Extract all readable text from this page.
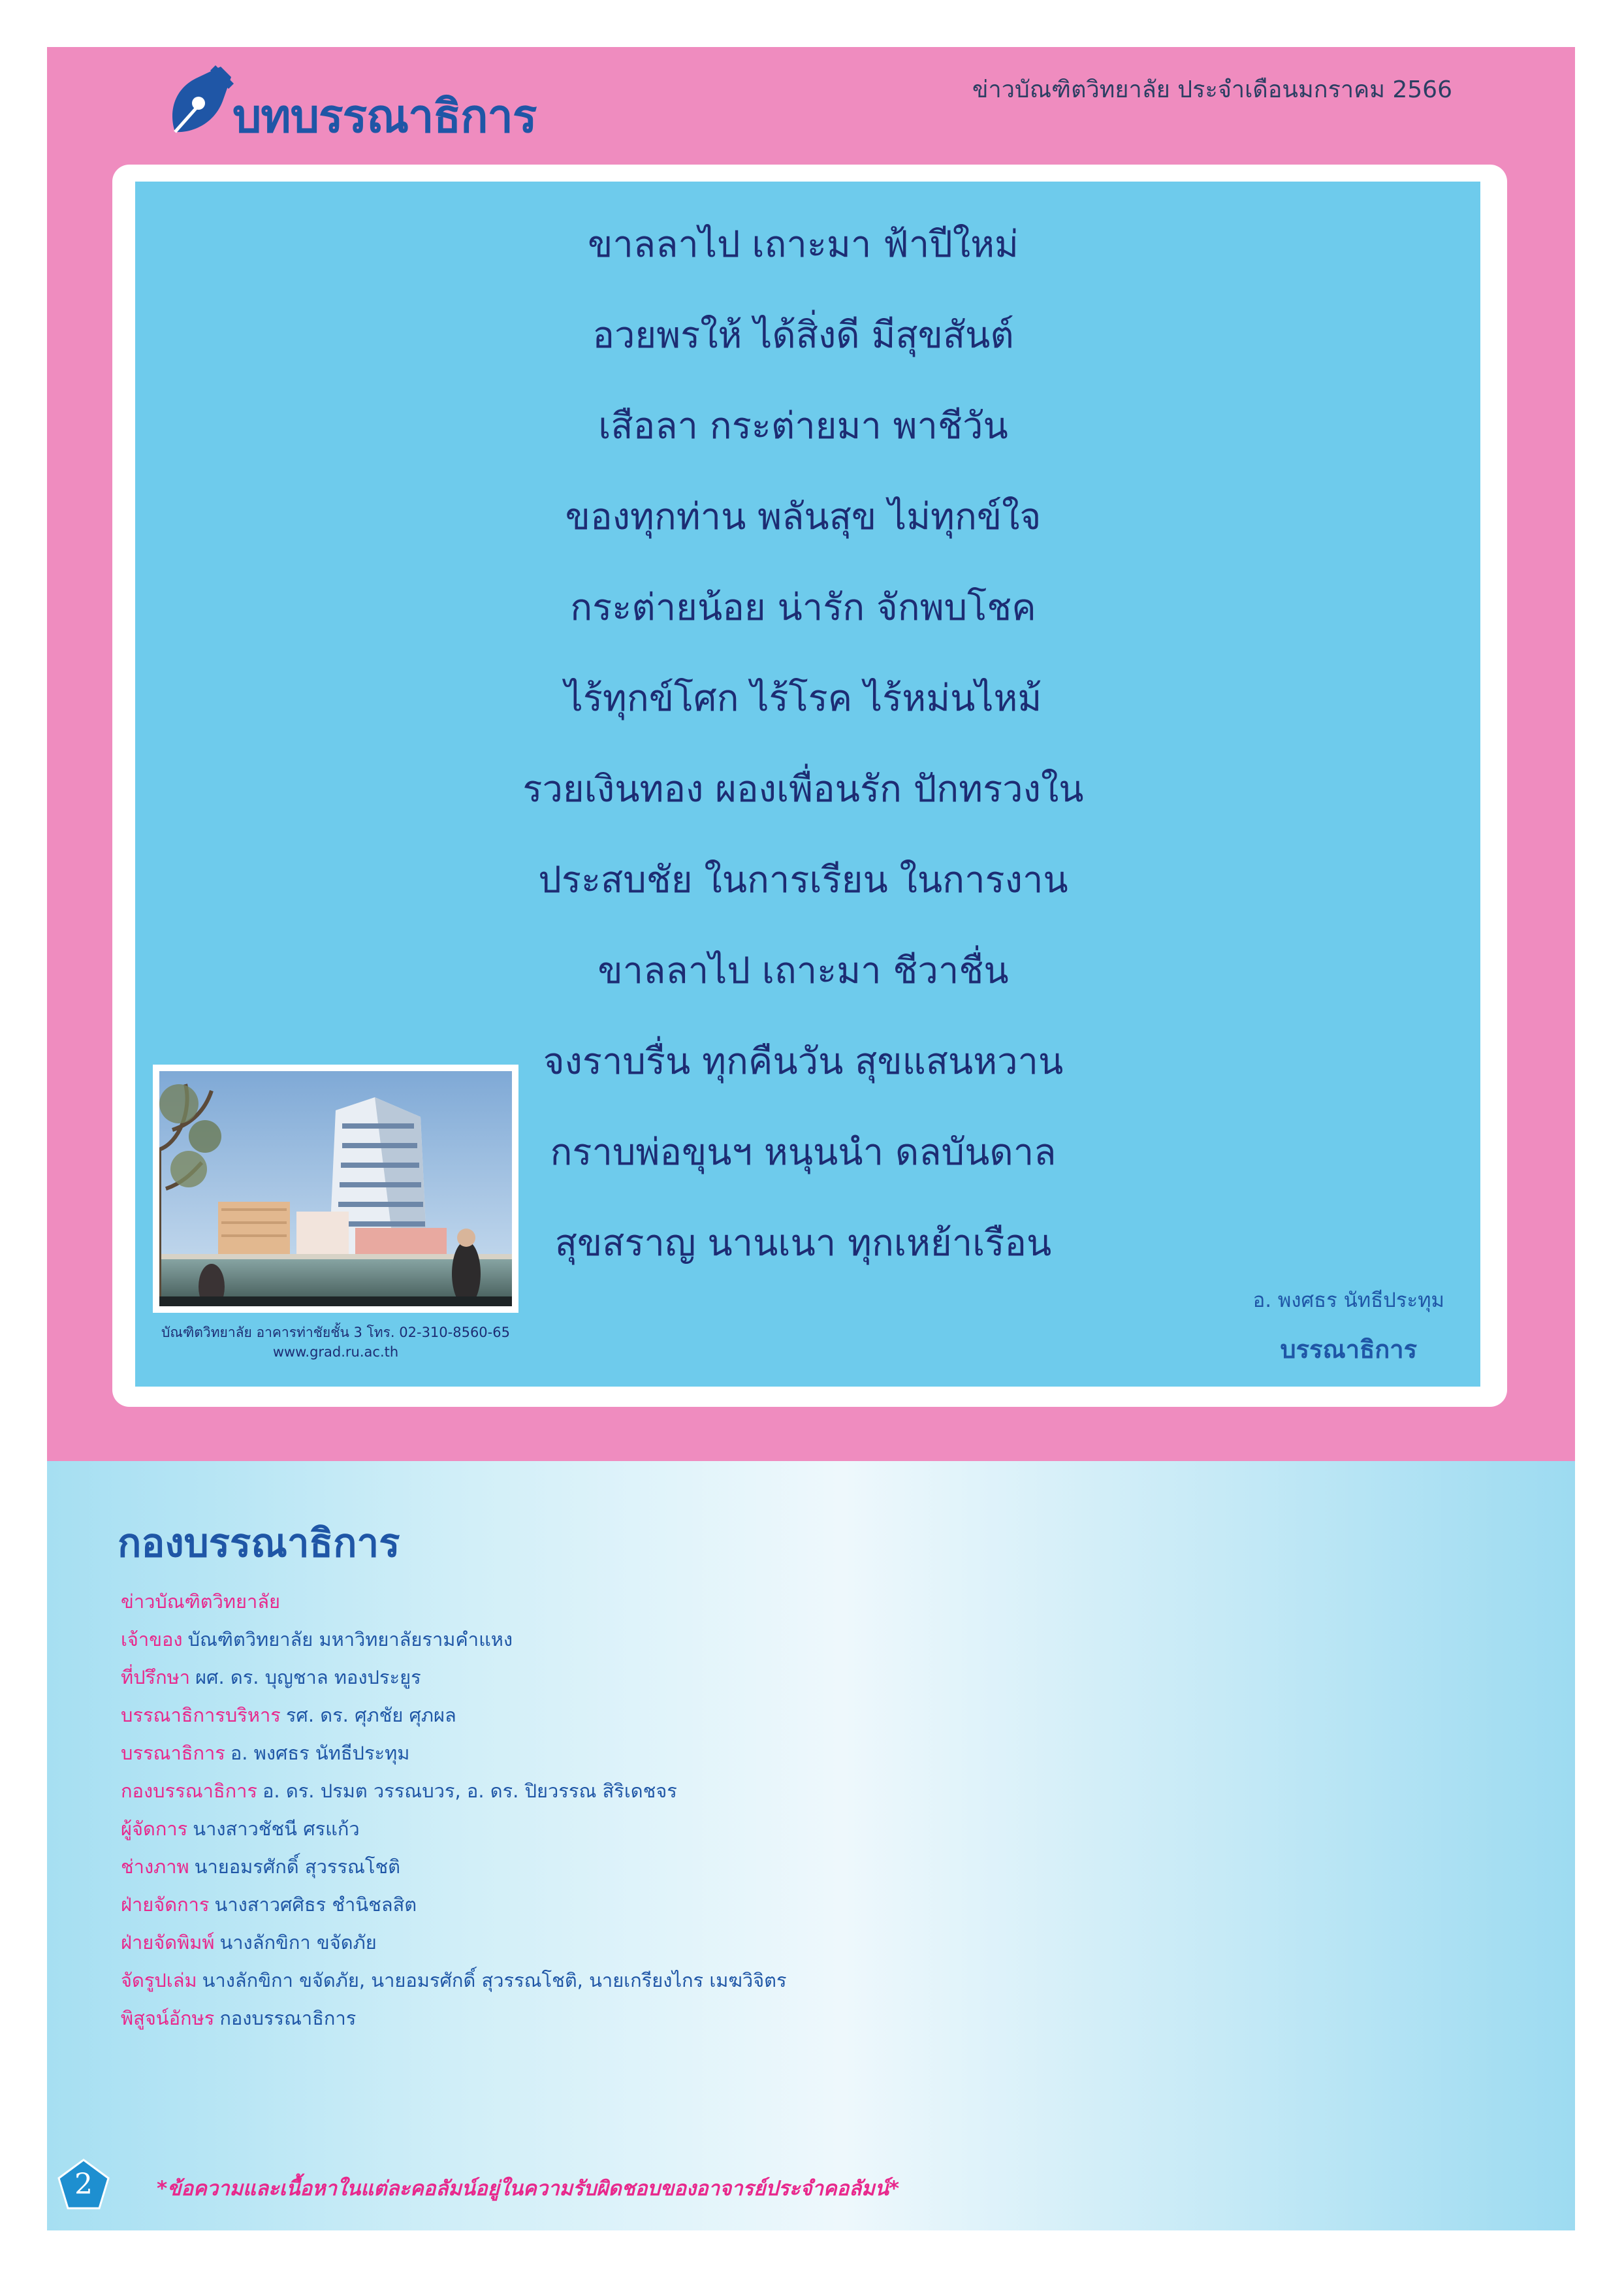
บทบรรณาธิการ	ข่าวบัณฑิตวิทยาลัย ประจำเดือนมกราคม 2566
ขาลลาไป เถาะมา ฟ้าปีใหม่
อวยพรให้ ได้สิ่งดี มีสุขสันต์
เสือลา กระต่ายมา พาชีวัน
ของทุกท่าน พลันสุข ไม่ทุกข์ใจ
กระต่ายน้อย น่ารัก จักพบโชค
ไร้ทุกข์โศก ไร้โรค ไร้หม่นไหม้
รวยเงินทอง ผองเพื่อนรัก ปักทรวงใน
ประสบชัย ในการเรียน ในการงาน
ขาลลาไป เถาะมา ชีวาชื่น
จงราบรื่น ทุกคืนวัน สุขแสนหวาน
กราบพ่อขุนฯ หนุนนำ ดลบันดาล
สุขสราญ นานเนา ทุกเหย้าเรือน
บัณฑิตวิทยาลัย อาคารท่าชัยชั้น 3 โทร. 02-310-8560-65
www.grad.ru.ac.th
อ. พงศธร นัทธีประทุม
บรรณาธิการ
กองบรรณาธิการ
ข่าวบัณฑิตวิทยาลัย
เจ้าของ บัณฑิตวิทยาลัย มหาวิทยาลัยรามคำแหง
ที่ปรึกษา ผศ. ดร. บุญชาล ทองประยูร
บรรณาธิการบริหาร รศ. ดร. ศุภชัย ศุภผล
บรรณาธิการ อ. พงศธร นัทธีประทุม
กองบรรณาธิการ อ. ดร. ปรมต วรรณบวร, อ. ดร. ปิยวรรณ สิริเดชจร
ผู้จัดการ นางสาวชัชนี ศรแก้ว
ช่างภาพ นายอมรศักดิ์ สุวรรณโชติ
ฝ่ายจัดการ นางสาวศศิธร ชำนิชลสิต
ฝ่ายจัดพิมพ์ นางลักขิกา ขจัดภัย
จัดรูปเล่ม นางลักขิกา ขจัดภัย, นายอมรศักดิ์ สุวรรณโชติ, นายเกรียงไกร เมฆวิจิตร
พิสูจน์อักษร กองบรรณาธิการ
2	*ข้อความและเนื้อหาในแต่ละคอลัมน์อยู่ในความรับผิดชอบของอาจารย์ประจำคอลัมน์*
